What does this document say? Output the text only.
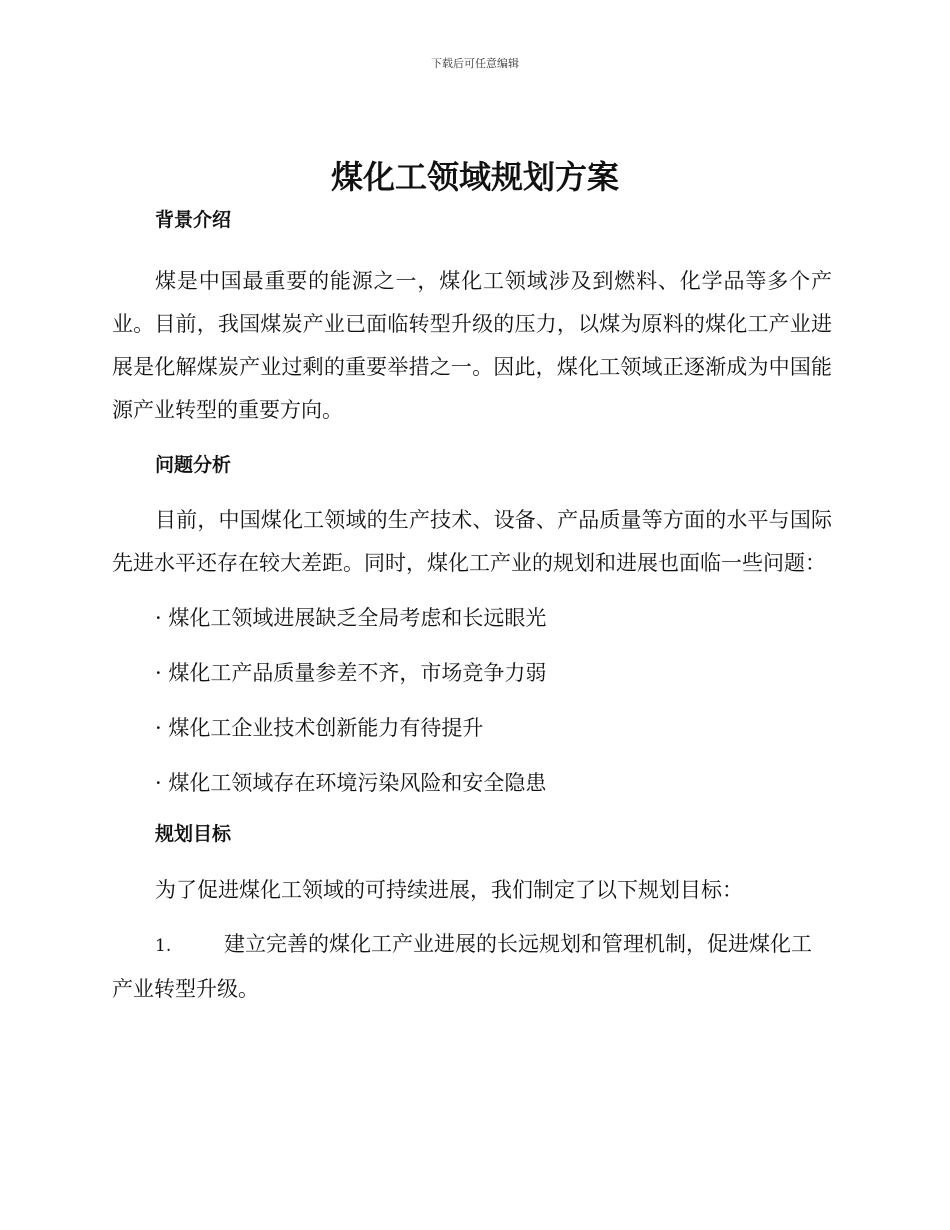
下载后可任意编辑
煤化工领域规划方案
背景介绍

煤是中国最重要的能源之一，煤化工领域涉及到燃料、化学品等多个产业。目前，我国煤炭产业已面临转型升级的压力，以煤为原料的煤化工产业进展是化解煤炭产业过剩的重要举措之一。因此，煤化工领域正逐渐成为中国能源产业转型的重要方向。

问题分析

目前，中国煤化工领域的生产技术、设备、产品质量等方面的水平与国际先进水平还存在较大差距。同时，煤化工产业的规划和进展也面临一些问题：

· 煤化工领域进展缺乏全局考虑和长远眼光

· 煤化工产品质量参差不齐，市场竞争力弱

· 煤化工企业技术创新能力有待提升

· 煤化工领域存在环境污染风险和安全隐患

规划目标

为了促进煤化工领域的可持续进展，我们制定了以下规划目标：

1.	建立完善的煤化工产业进展的长远规划和管理机制，促进煤化工产业转型升级。
